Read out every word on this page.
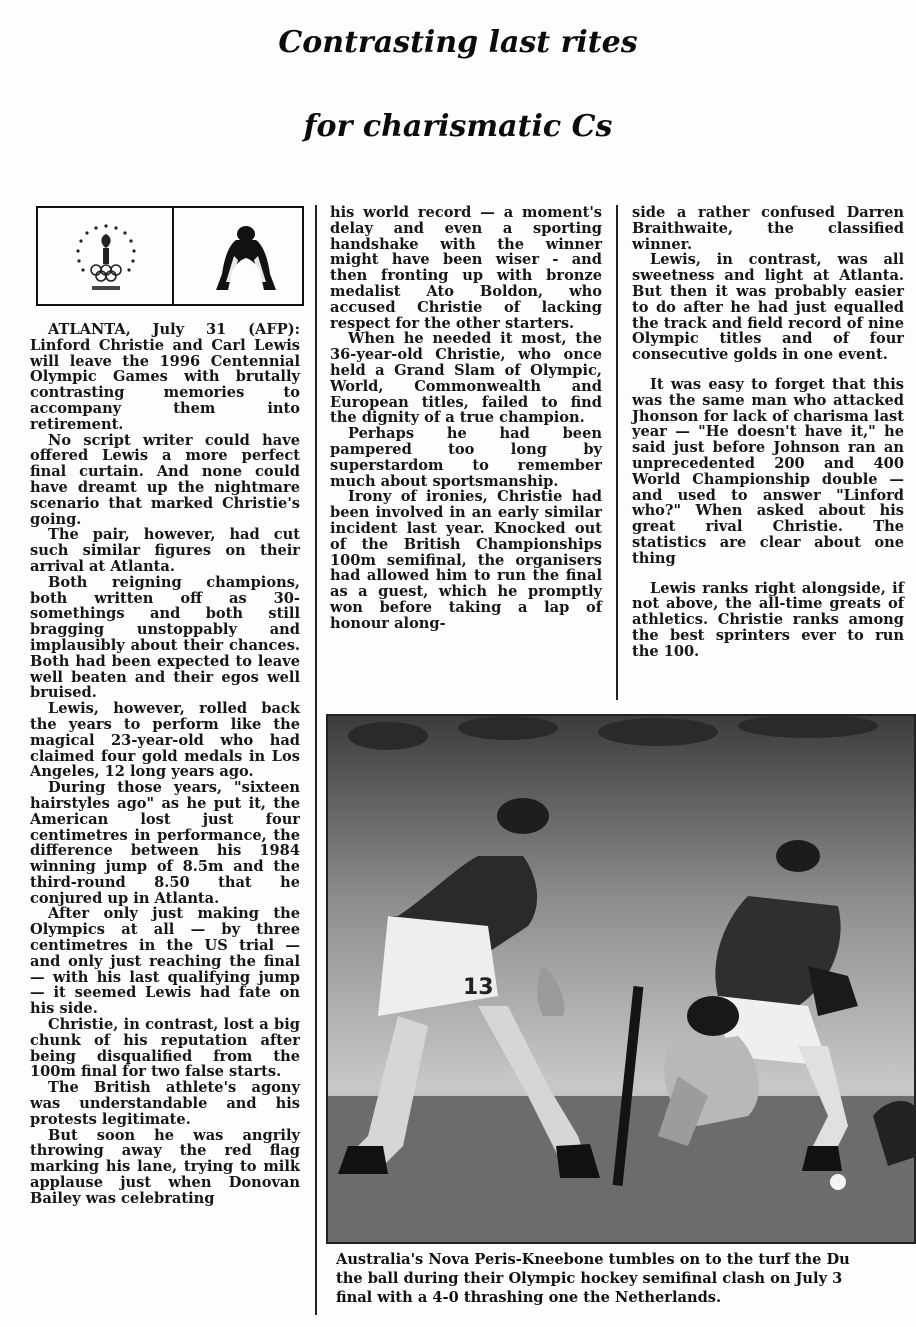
Contrasting last rites
for charismatic Cs

ATLANTA, July 31 (AFP): Linford Christie and Carl Lewis will leave the 1996 Centennial Olympic Games with brutally contrasting memories to accompany them into retirement.

No script writer could have offered Lewis a more perfect final curtain. And none could have dreamt up the nightmare scenario that marked Christie's going.

The pair, however, had cut such similar figures on their arrival at Atlanta.

Both reigning champions, both written off as 30-somethings and both still bragging unstoppably and implausibly about their chances. Both had been expected to leave well beaten and their egos well bruised.

Lewis, however, rolled back the years to perform like the magical 23-year-old who had claimed four gold medals in Los Angeles, 12 long years ago.

During those years, "sixteen hairstyles ago" as he put it, the American lost just four centimetres in performance, the difference between his 1984 winning jump of 8.5m and the third-round 8.50 that he conjured up in Atlanta.

After only just making the Olympics at all — by three centimetres in the US trial — and only just reaching the final — with his last qualifying jump — it seemed Lewis had fate on his side.

Christie, in contrast, lost a big chunk of his reputation after being disqualified from the 100m final for two false starts.

The British athlete's agony was understandable and his protests legitimate.

But soon he was angrily throwing away the red flag marking his lane, trying to milk applause just when Donovan Bailey was celebrating

his world record — a moment's delay and even a sporting handshake with the winner might have been wiser - and then fronting up with bronze medalist Ato Boldon, who accused Christie of lacking respect for the other starters.

When he needed it most, the 36-year-old Christie, who once held a Grand Slam of Olympic, World, Commonwealth and European titles, failed to find the dignity of a true champion.

Perhaps he had been pampered too long by superstardom to remember much about sportsmanship.

Irony of ironies, Christie had been involved in an early similar incident last year. Knocked out of the British Championships 100m semifinal, the organisers had allowed him to run the final as a guest, which he promptly won before taking a lap of honour along-

side a rather confused Darren Braithwaite, the classified winner.

Lewis, in contrast, was all sweetness and light at Atlanta. But then it was probably easier to do after he had just equalled the track and field record of nine Olympic titles and of four consecutive golds in one event.

It was easy to forget that this was the same man who attacked Jhonson for lack of charisma last year — "He doesn't have it," he said just before Johnson ran an unprecedented 200 and 400 World Championship double — and used to answer "Linford who?" When asked about his great rival Christie. The statistics are clear about one thing

Lewis ranks right alongside, if not above, the all-time greats of athletics. Christie ranks among the best sprinters ever to run the 100.

13
Australia's Nova Peris-Kneebone tumbles on to the turf the Du
the ball during their Olympic hockey semifinal clash on July 3
final with a 4-0 thrashing one the Netherlands.
